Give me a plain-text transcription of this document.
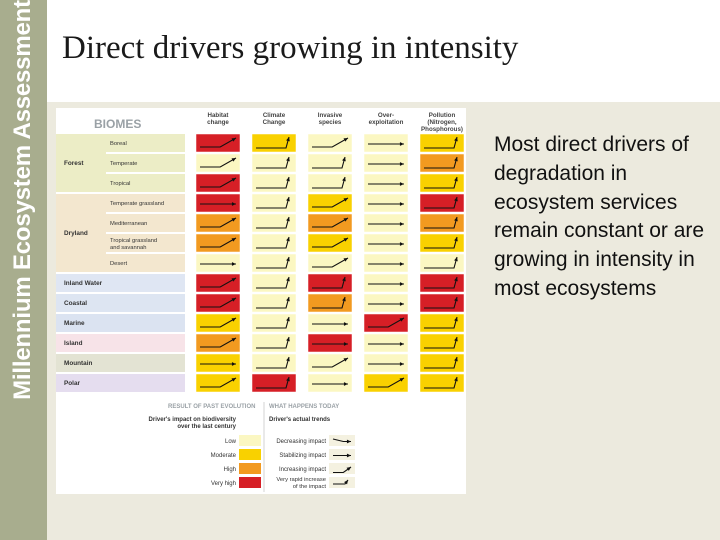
Millennium Ecosystem Assessment Direct drivers growing in intensity
BIOMES
Habitat
change
Climate
Change
Invasive
species
Over-
exploitation
Pollution
(Nitrogen,
Phosphorous)
Forest
Dryland
Inland Water
Coastal
Marine
Island
Mountain
Polar
Boreal
Temperate
Tropical
Temperate grassland
Mediterranean
Tropical grassland
and savannah
Desert
RESULT OF PAST EVOLUTION WHAT HAPPENS TODAY
Driver's impact on biodiversity
over the last century
Driver's actual trends
Low
Moderate
High
Very high
Decreasing impact
Stabilizing impact
Increasing impact
Very rapid increase
of the impact
Most direct drivers of degradation in ecosystem services remain constant or are growing in intensity in most ecosystems
